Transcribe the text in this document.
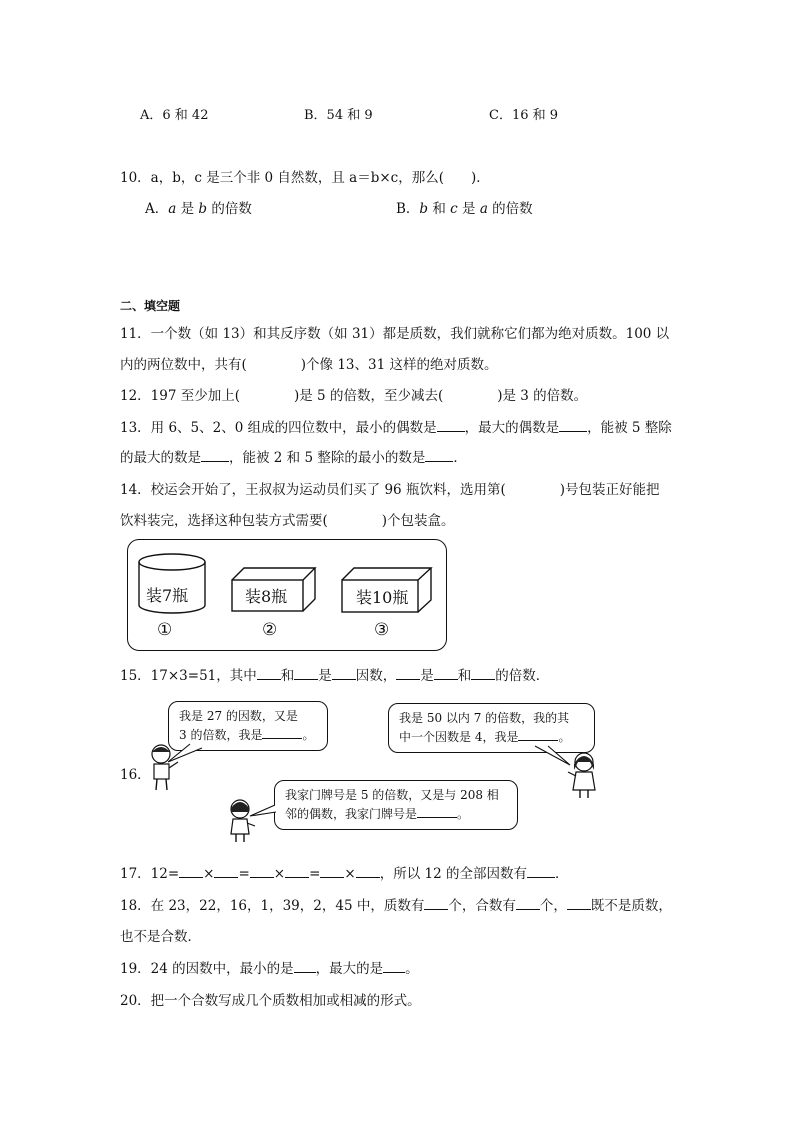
A．6 和 42	B．54 和 9	C．16 和 9
10．a，b，c 是三个非 0 自然数，且 a＝b×c，那么(　　)．
A．a 是 b 的倍数	B．b 和 c 是 a 的倍数
二、填空题
11．一个数（如 13）和其反序数（如 31）都是质数，我们就称它们都为绝对质数。100 以
内的两位数中，共有(　　　　)个像 13、31 这样的绝对质数。
12．197 至少加上(　　　　)是 5 的倍数，至少减去(　　　　)是 3 的倍数。
13．用 6、5、2、0 组成的四位数中，最小的偶数是 ，最大的偶数是 ，能被 5 整除
的最大的数是 ，能被 2 和 5 整除的最小的数是 ．
14．校运会开始了，王叔叔为运动员们买了 96 瓶饮料，选用第(　　　　)号包装正好能把
饮料装完，选择这种包装方式需要(　　　　)个包装盒。
装7瓶	装8瓶	装10瓶
①	②	③
15．17×3=51，其中 和 是 因数， 是 和 的倍数．
16．
我是 27 的因数，又是
3 的倍数，我是	。
我是 50 以内 7 的倍数，我的其
中一个因数是 4，我是	。
我家门牌号是 5 的倍数，又是与 208 相
邻的偶数，我家门牌号是	。
17．12= × = × = × ，所以 12 的全部因数有 ．
18．在 23，22，16，1，39，2，45 中，质数有 个，合数有 个， 既不是质数，
也不是合数．
19．24 的因数中，最小的是 ，最大的是 。
20．把一个合数写成几个质数相加或相减的形式。
